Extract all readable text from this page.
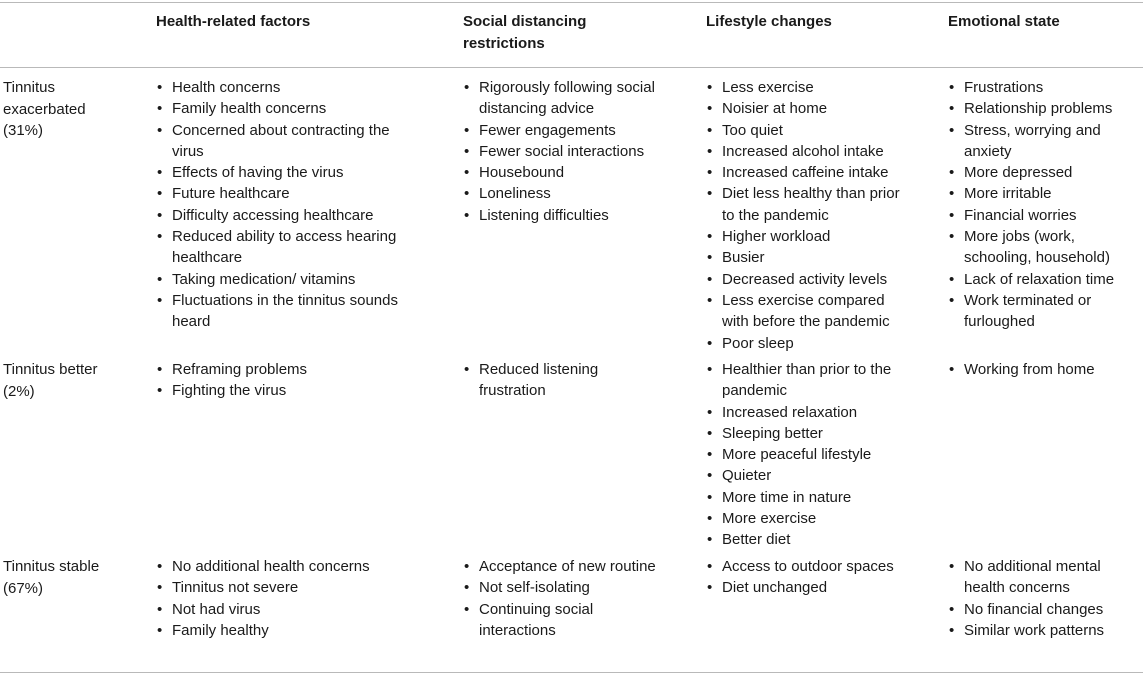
Health-related factors	Social distancing restrictions
Lifestyle changes	Emotional state
Tinnitus exacerbated (31%)
• Health concerns
• Family health concerns
• Concerned about contracting the virus
• Effects of having the virus
• Future healthcare
• Difficulty accessing healthcare
• Reduced ability to access hearing healthcare
• Taking medication/ vitamins
• Fluctuations in the tinnitus sounds heard
• Rigorously following social distancing advice
• Fewer engagements
• Fewer social interactions
• Housebound
• Loneliness
• Listening difficulties
• Less exercise
• Noisier at home
• Too quiet
• Increased alcohol intake
• Increased caffeine intake
• Diet less healthy than prior to the pandemic
• Higher workload
• Busier
• Decreased activity levels
• Less exercise compared with before the pandemic
• Poor sleep
• Frustrations
• Relationship problems
• Stress, worrying and anxiety
• More depressed
• More irritable
• Financial worries
• More jobs (work, schooling, household)
• Lack of relaxation time
• Work terminated or furloughed
Tinnitus better (2%)
• Reframing problems
• Fighting the virus
• Reduced listening frustration
• Healthier than prior to the pandemic
• Increased relaxation
• Sleeping better
• More peaceful lifestyle
• Quieter
• More time in nature
• More exercise
• Better diet
• Working from home
Tinnitus stable (67%)
• No additional health concerns
• Tinnitus not severe
• Not had virus
• Family healthy
• Acceptance of new routine
• Not self-isolating
• Continuing social interactions
• Access to outdoor spaces
• Diet unchanged
• No additional mental health concerns
• No financial changes
• Similar work patterns
